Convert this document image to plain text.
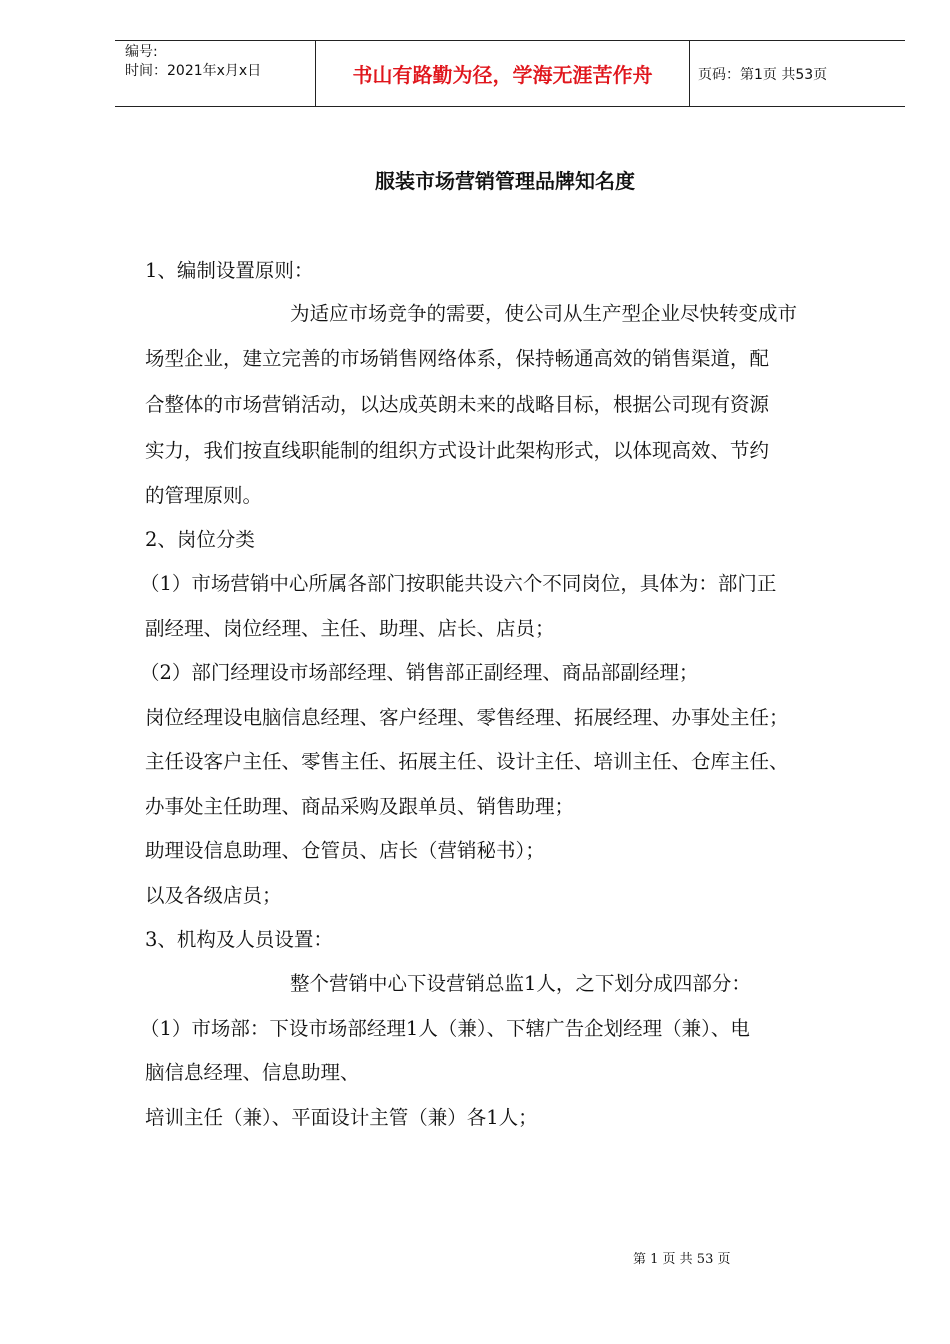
编号:
时间：2021年x月x日	书山有路勤为径，学海无涯苦作舟	页码：第1页 共53页
服装市场营销管理品牌知名度
1、编制设置原则：
为适应市场竞争的需要，使公司从生产型企业尽快转变成市
场型企业，建立完善的市场销售网络体系，保持畅通高效的销售渠道，配
合整体的市场营销活动，以达成英朗未来的战略目标，根据公司现有资源
实力，我们按直线职能制的组织方式设计此架构形式，以体现高效、节约
的管理原则。
2、岗位分类
（1）市场营销中心所属各部门按职能共设六个不同岗位，具体为：部门正
副经理、岗位经理、主任、助理、店长、店员；
（2）部门经理设市场部经理、销售部正副经理、商品部副经理；
岗位经理设电脑信息经理、客户经理、零售经理、拓展经理、办事处主任；
主任设客户主任、零售主任、拓展主任、设计主任、培训主任、仓库主任、
办事处主任助理、商品采购及跟单员、销售助理；
助理设信息助理、仓管员、店长（营销秘书）；
以及各级店员；
3、机构及人员设置：
整个营销中心下设营销总监1人，之下划分成四部分：
（1）市场部：下设市场部经理1人（兼）、下辖广告企划经理（兼）、电
脑信息经理、信息助理、
培训主任（兼）、平面设计主管（兼）各1人；
第 1 页 共 53 页
